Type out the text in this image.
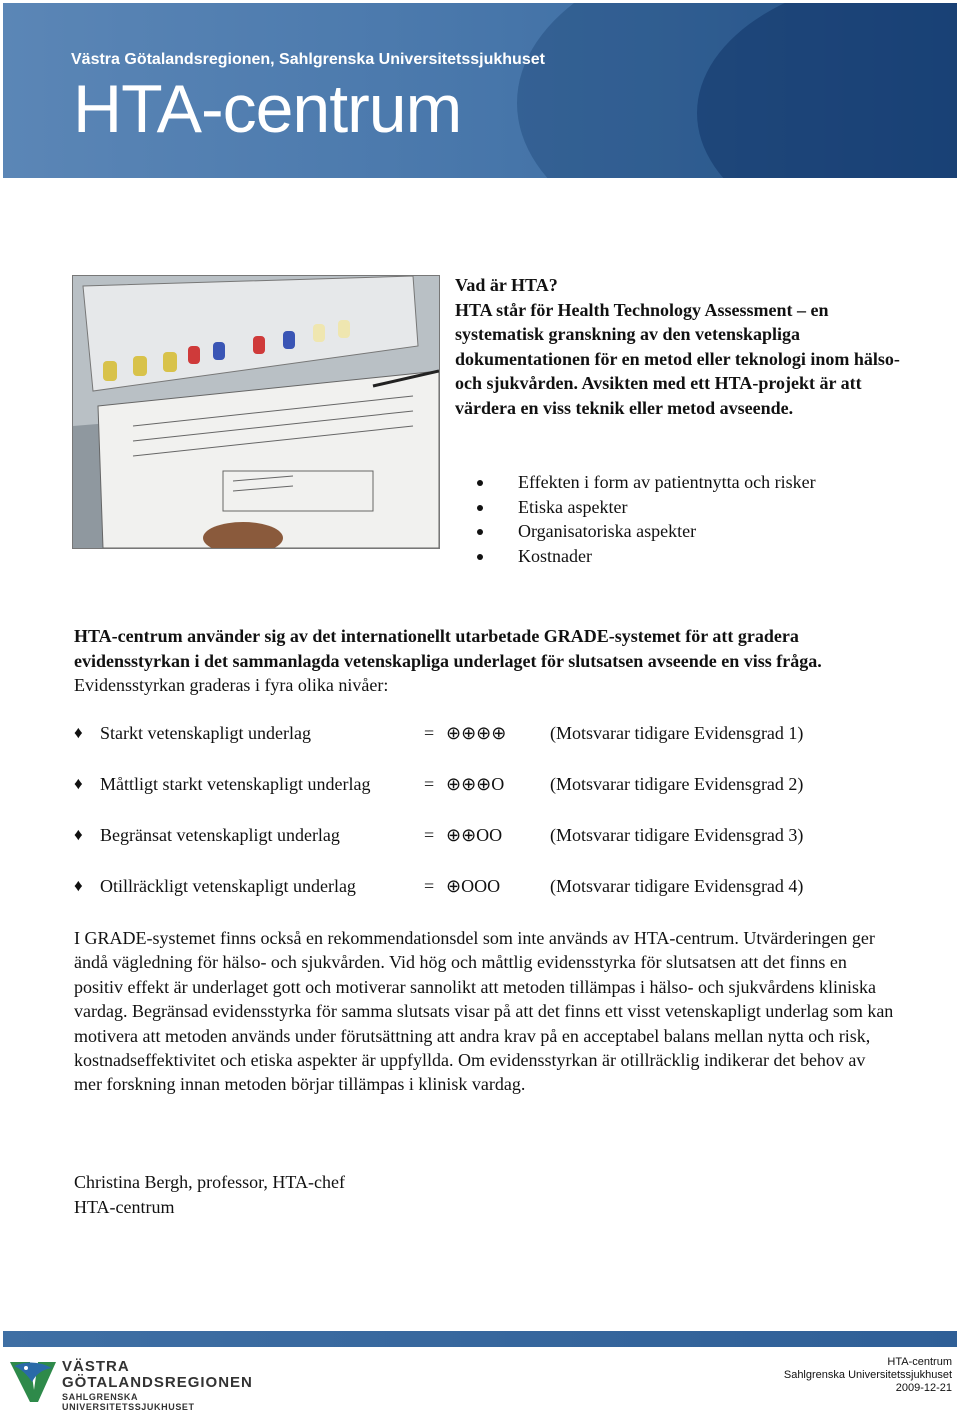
Västra Götalandsregionen, Sahlgrenska Universitetssjukhuset
HTA-centrum
Vad är HTA?
HTA står för Health Technology Assessment – en systematisk granskning av den vetenskapliga dokumentationen för en metod eller teknologi inom hälso- och sjukvården. Avsikten med ett HTA-projekt är att värdera en viss teknik eller metod avseende.
Effekten i form av patientnytta och risker
Etiska aspekter
Organisatoriska aspekter
Kostnader
HTA-centrum använder sig av det internationellt utarbetade GRADE-systemet för att gradera evidensstyrkan i det sammanlagda vetenskapliga underlaget för slutsatsen avseende en viss fråga. Evidensstyrkan graderas i fyra olika nivåer:
♦ Starkt vetenskapligt underlag	= ⊕⊕⊕⊕ (Motsvarar tidigare Evidensgrad 1)
♦ Måttligt starkt vetenskapligt underlag	= ⊕⊕⊕O	(Motsvarar tidigare Evidensgrad 2)
♦ Begränsat vetenskapligt underlag	= ⊕⊕OO	(Motsvarar tidigare Evidensgrad 3)
♦ Otillräckligt vetenskapligt underlag	= ⊕OOO	(Motsvarar tidigare Evidensgrad 4)
I GRADE-systemet finns också en rekommendationsdel som inte används av HTA-centrum. Utvärderingen ger ändå vägledning för hälso- och sjukvården. Vid hög och måttlig evidensstyrka för slutsatsen att det finns en positiv effekt är underlaget gott och motiverar sannolikt att metoden tillämpas i hälso- och sjukvårdens kliniska vardag. Begränsad evidensstyrka för samma slutsats visar på att det finns ett visst vetenskapligt underlag som kan motivera att metoden används under förutsättning att andra krav på en acceptabel balans mellan nytta och risk, kostnadseffektivitet och etiska aspekter är uppfyllda. Om evidensstyrkan är otillräcklig indikerar det behov av mer forskning innan metoden börjar tillämpas i klinisk vardag.
Christina Bergh, professor, HTA-chef
HTA-centrum
VÄSTRA
GÖTALANDSREGIONEN
SAHLGRENSKA UNIVERSITETSSJUKHUSET
HTA-centrum
Sahlgrenska Universitetssjukhuset
2009-12-21
